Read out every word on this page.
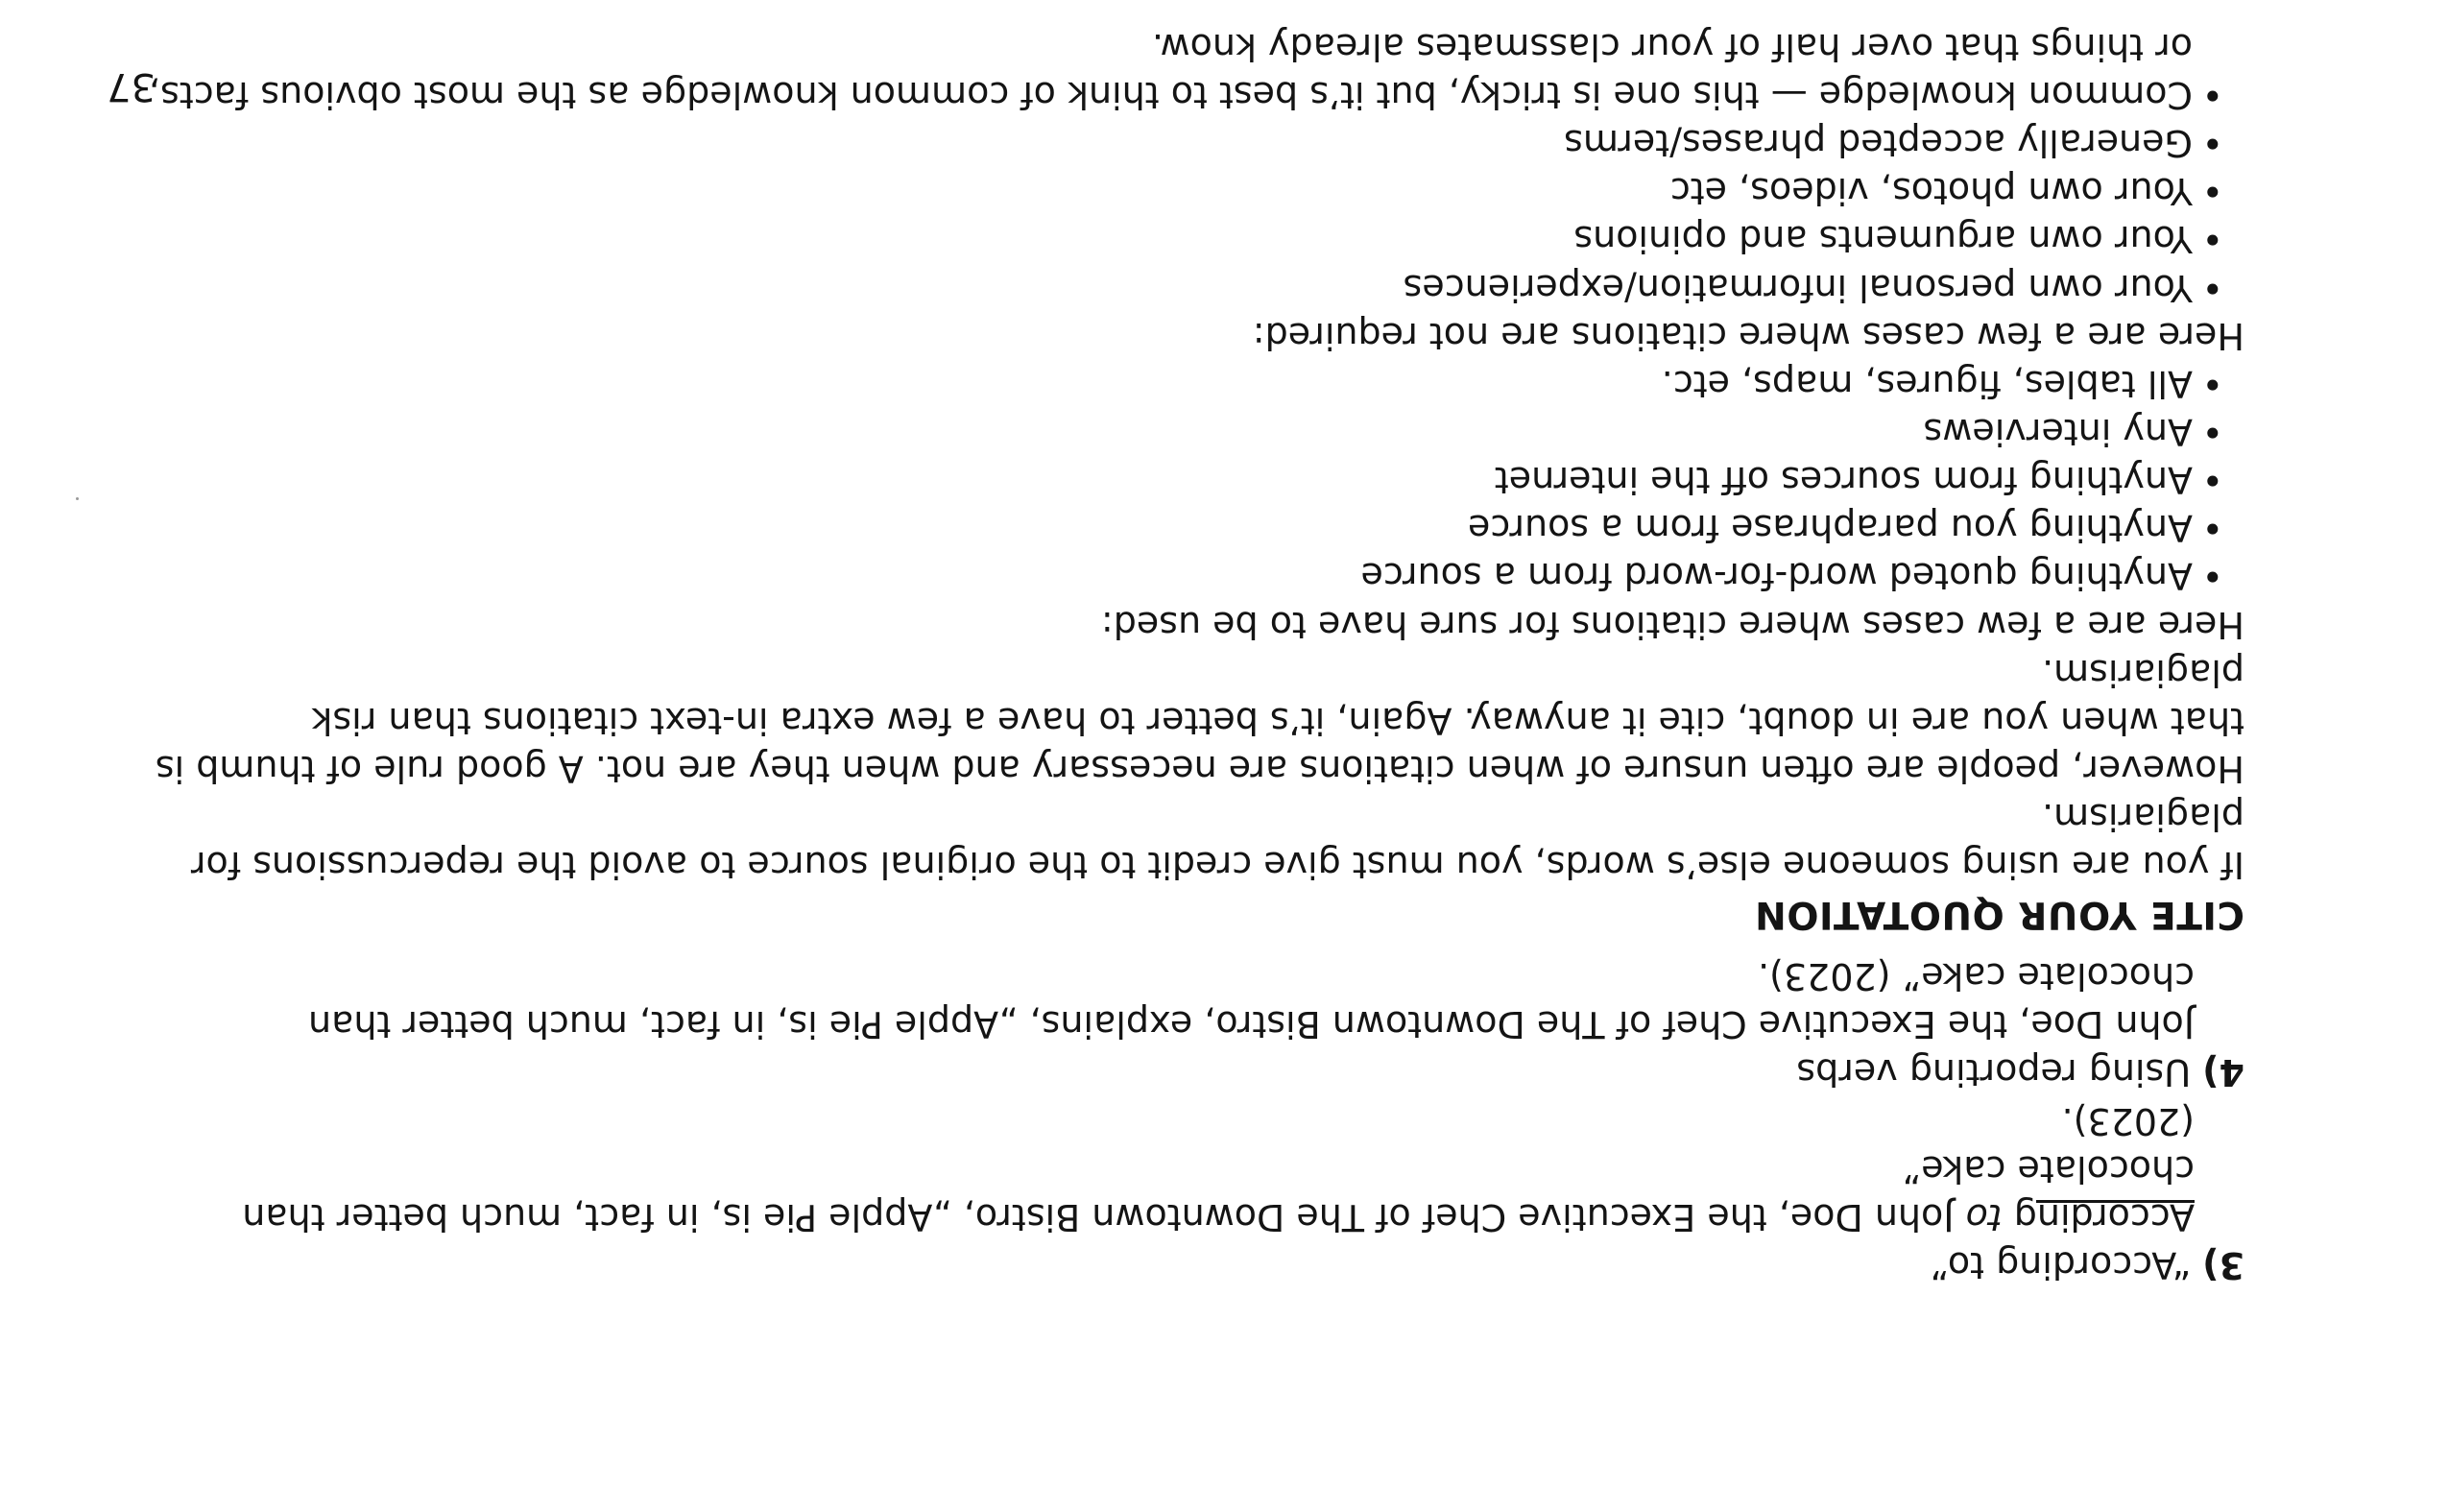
3) “According to”
According to John Doe, the Executive Chef of The Downtown Bistro, „Apple Pie is, in fact, much better than chocolate cake”
(2023).
4) Using reporting verbs
John Doe, the Executive Chef of The Downtown Bistro, explains, „Apple Pie is, in fact, much better than chocolate cake” (2023).
CITE YOUR QUOTATION

If you are using someone else’s words, you must give credit to the original source to avoid the repercussions for plagiarism.

However, people are often unsure of when citations are necessary and when they are not. A good rule of thumb is that when you are in doubt, cite it anyway. Again, it’s better to have a few extra in-text citations than risk plagiarism.

Here are a few cases where citations for sure have to be used:

•
Anything quoted word-for-word from a source
•
Anything you paraphrase from a source
•
Anything from sources off the internet
•
Any interviews
•
All tables, figures, maps, etc.

Here are a few cases where citations are not required:

•
Your own personal information/experiences
•
Your own arguments and opinions
•
Your own photos, videos, etc
•
Generally accepted phrases/terms
•
Common knowledge — this one is tricky, but it’s best to think of common knowledge as the most obvious facts, or things that over half of your classmates already know.
37
